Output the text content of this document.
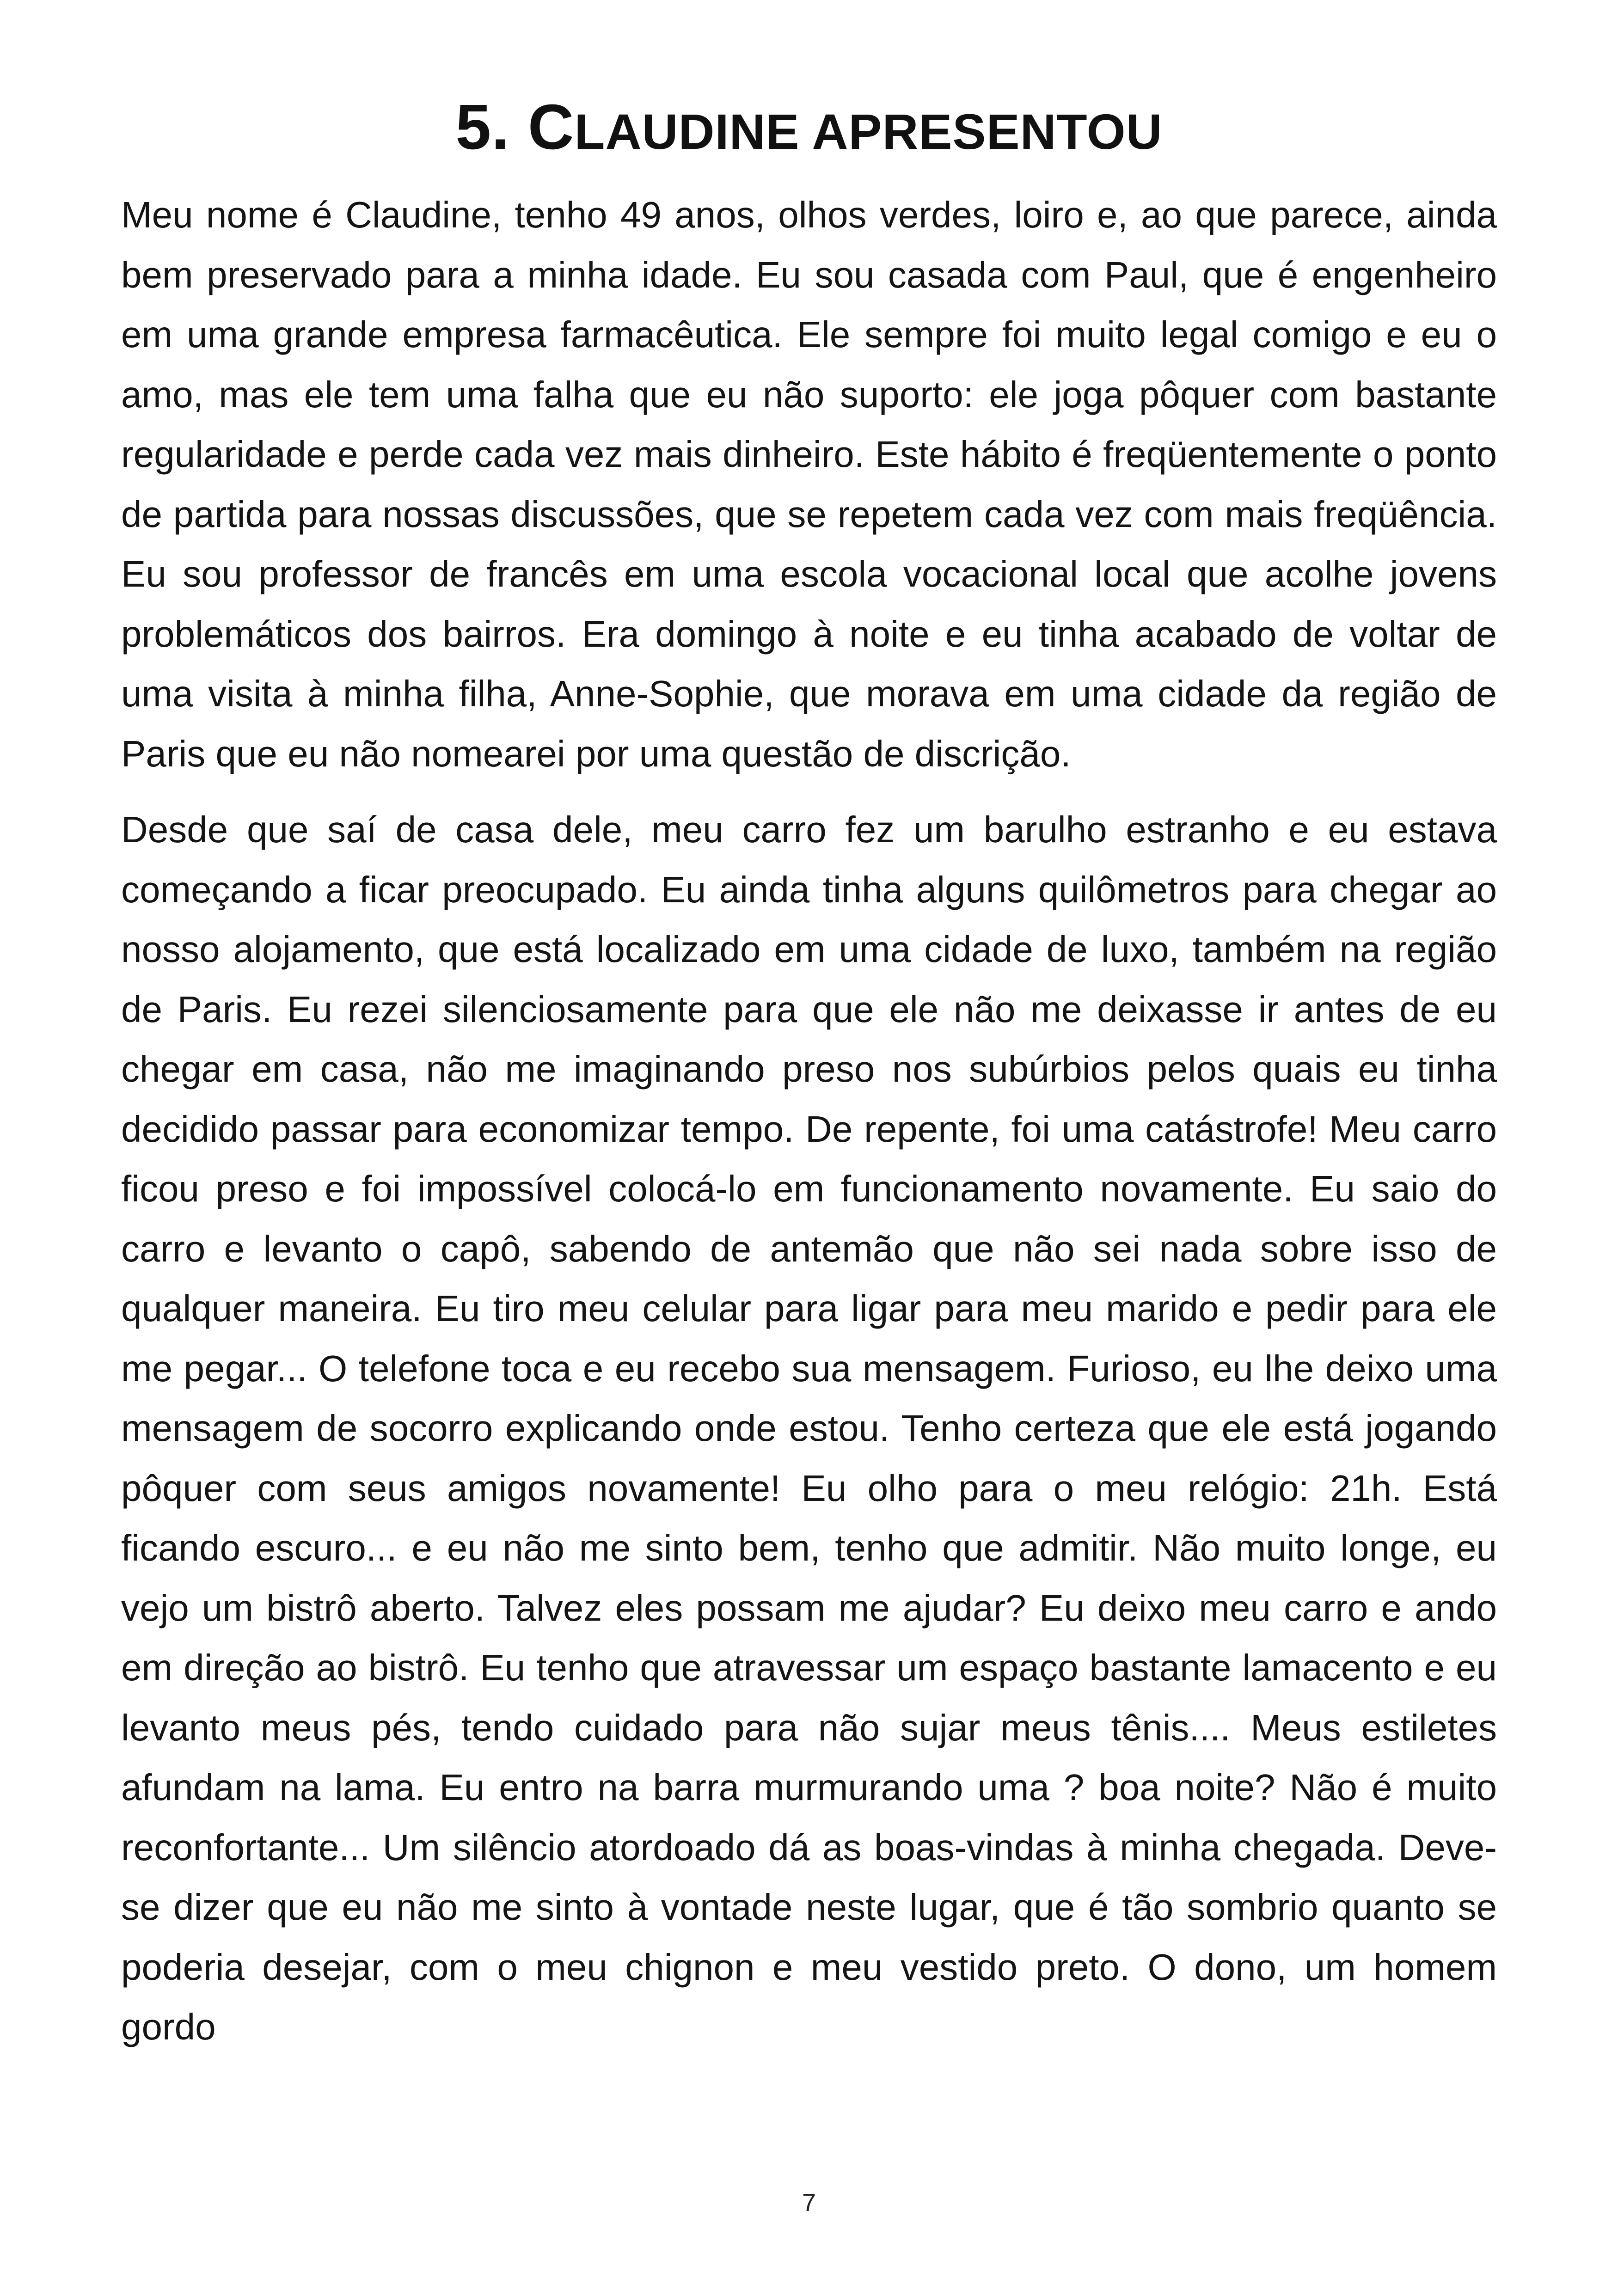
5. CLAUDINE APRESENTOU

Meu nome é Claudine, tenho 49 anos, olhos verdes, loiro e, ao que parece, ainda bem preservado para a minha idade. Eu sou casada com Paul, que é engenheiro em uma grande empresa farmacêutica. Ele sempre foi muito legal comigo e eu o amo, mas ele tem uma falha que eu não suporto: ele joga pôquer com bastante regularidade e perde cada vez mais dinheiro. Este hábito é freqüentemente o ponto de partida para nossas discussões, que se repetem cada vez com mais freqüência. Eu sou professor de francês em uma escola vocacional local que acolhe jovens problemáticos dos bairros. Era domingo à noite e eu tinha acabado de voltar de uma visita à minha filha, Anne-Sophie, que morava em uma cidade da região de Paris que eu não nomearei por uma questão de discrição.

Desde que saí de casa dele, meu carro fez um barulho estranho e eu estava começando a ficar preocupado. Eu ainda tinha alguns quilômetros para chegar ao nosso alojamento, que está localizado em uma cidade de luxo, também na região de Paris. Eu rezei silenciosamente para que ele não me deixasse ir antes de eu chegar em casa, não me imaginando preso nos subúrbios pelos quais eu tinha decidido passar para economizar tempo. De repente, foi uma catástrofe! Meu carro ficou preso e foi impossível colocá-lo em funcionamento novamente. Eu saio do carro e levanto o capô, sabendo de antemão que não sei nada sobre isso de qualquer maneira. Eu tiro meu celular para ligar para meu marido e pedir para ele me pegar... O telefone toca e eu recebo sua mensagem. Furioso, eu lhe deixo uma mensagem de socorro explicando onde estou. Tenho certeza que ele está jogando pôquer com seus amigos novamente! Eu olho para o meu relógio: 21h. Está ficando escuro... e eu não me sinto bem, tenho que admitir. Não muito longe, eu vejo um bistrô aberto. Talvez eles possam me ajudar? Eu deixo meu carro e ando em direção ao bistrô. Eu tenho que atravessar um espaço bastante lamacento e eu levanto meus pés, tendo cuidado para não sujar meus tênis.... Meus estiletes afundam na lama. Eu entro na barra murmurando uma ? boa noite? Não é muito reconfortante... Um silêncio atordoado dá as boas-vindas à minha chegada. Deve-se dizer que eu não me sinto à vontade neste lugar, que é tão sombrio quanto se poderia desejar, com o meu chignon e meu vestido preto. O dono, um homem gordo

7
